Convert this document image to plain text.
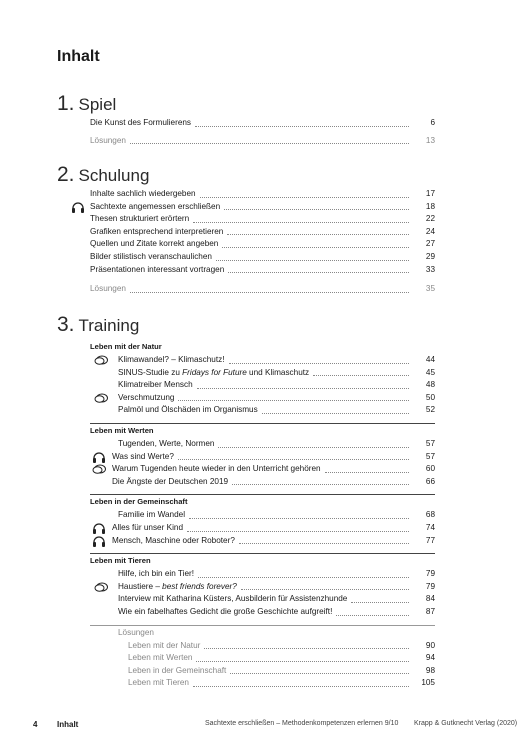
Inhalt
1. Spiel
Die Kunst des Formulierens	6
Lösungen	13
2. Schulung
Inhalte sachlich wiedergeben	17
Sachtexte angemessen erschließen	18
Thesen strukturiert erörtern	22
Grafiken entsprechend interpretieren	24
Quellen und Zitate korrekt angeben	27
Bilder stilistisch veranschaulichen	29
Präsentationen interessant vortragen	33
Lösungen	35
3. Training
Leben mit der Natur
Klimawandel? – Klimaschutz!	44
SINUS-Studie zu Fridays for Future und Klimaschutz	45
Klimatreiber Mensch	48
Verschmutzung	50
Palmöl und Ölschäden im Organismus	52
Leben mit Werten
Tugenden, Werte, Normen	57
Was sind Werte?	57
Warum Tugenden heute wieder in den Unterricht gehören	60
Die Ängste der Deutschen 2019	66
Leben in der Gemeinschaft
Familie im Wandel	68
Alles für unser Kind	74
Mensch, Maschine oder Roboter?	77
Leben mit Tieren
Hilfe, ich bin ein Tier!	79
Haustiere – best friends forever?	79
Interview mit Katharina Küsters, Ausbilderin für Assistenzhunde	84
Wie ein fabelhaftes Gedicht die große Geschichte aufgreift!	87
Lösungen
Leben mit der Natur	90
Leben mit Werten	94
Leben in der Gemeinschaft	98
Leben mit Tieren	105
4 Inhalt	Sachtexte erschließen – Methodenkompetenzen erlernen 9/10 Krapp & Gutknecht Verlag (2020)
